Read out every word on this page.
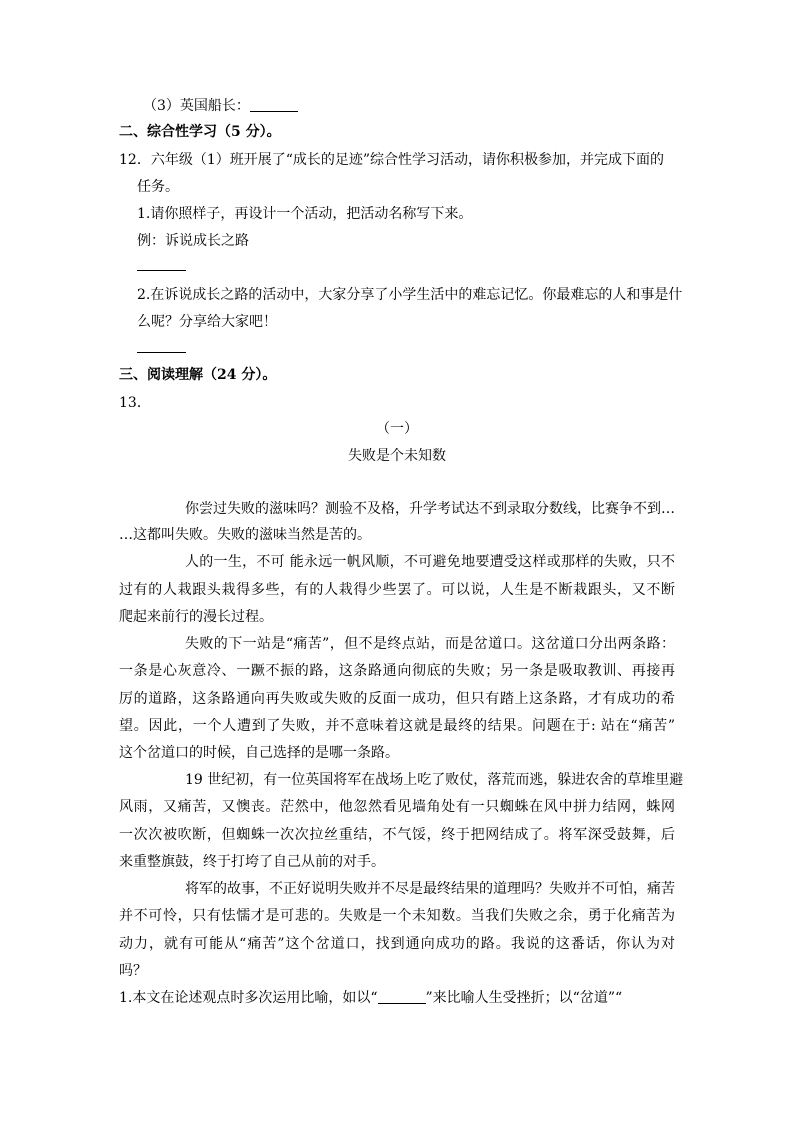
（3）英国船长：
二、综合性学习（5 分）。
12．六年级（1）班开展了“成长的足迹”综合性学习活动，请你积极参加，并完成下面的
任务。
1.请你照样子，再设计一个活动，把活动名称写下来。
例：诉说成长之路
2.在诉说成长之路的活动中，大家分享了小学生活中的难忘记忆。你最难忘的人和事是什
么呢？分享给大家吧！
三、阅读理解（24 分）。
13．
（一）
失败是个未知数
你尝过失败的滋味吗？测验不及格，升学考试达不到录取分数线，比赛争不到…
…这都叫失败。失败的滋味当然是苦的。
人的一生，不可 能永远一帆风顺，不可避免地要遭受这样或那样的失败，只不
过有的人栽跟头栽得多些，有的人栽得少些罢了。可以说，人生是不断栽跟头，又不断
爬起来前行的漫长过程。
失败的下一站是“痛苦”，但不是终点站，而是岔道口。这岔道口分出两条路：
一条是心灰意冷、一蹶不振的路，这条路通向彻底的失败；另一条是吸取教训、再接再
厉的道路，这条路通向再失败或失败的反面一成功，但只有踏上这条路，才有成功的希
望。因此，一个人遭到了失败，并不意味着这就是最终的结果。问题在于: 站在“痛苦”
这个岔道口的时候，自己选择的是哪一条路。
19 世纪初，有一位英国将军在战场上吃了败仗，落荒而逃，躲进农舍的草堆里避
风雨，又痛苦，又懊丧。茫然中，他忽然看见墙角处有一只蜘蛛在风中拼力结网，蛛网
一次次被吹断，但蜘蛛一次次拉丝重结，不气馁，终于把网结成了。将军深受鼓舞，后
来重整旗鼓，终于打垮了自己从前的对手。
将军的故事，不正好说明失败并不尽是最终结果的道理吗？失败并不可怕，痛苦
并不可怜，只有怯懦才是可悲的。失败是一个未知数。当我们失败之余，勇于化痛苦为
动力，就有可能从“痛苦”这个岔道口，找到通向成功的路。我说的这番话，你认为对
吗？
1.本文在论述观点时多次运用比喻，如以“	”来比喻人生受挫折；以“岔道”“
